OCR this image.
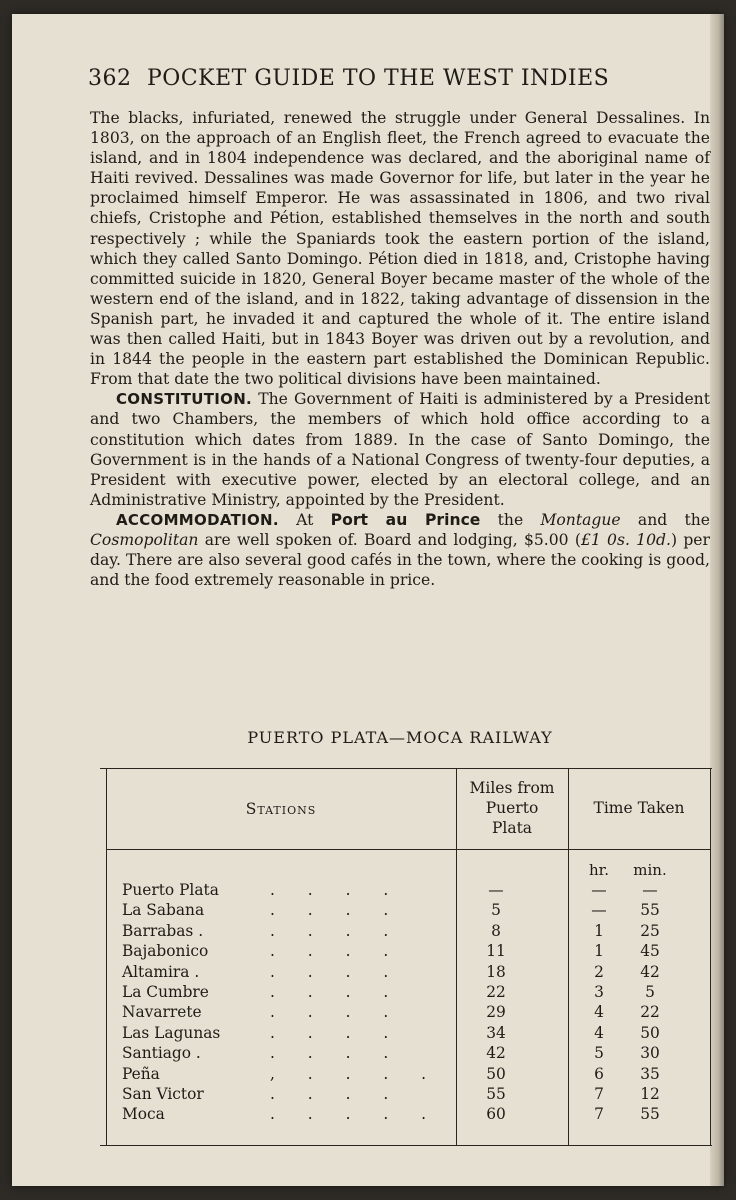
362 POCKET GUIDE TO THE WEST INDIES

The blacks, infuriated, renewed the struggle under General Dessalines. In 1803, on the approach of an English fleet, the French agreed to evacuate the island, and in 1804 independence was declared, and the aboriginal name of Haiti revived. Dessalines was made Governor for life, but later in the year he proclaimed himself Emperor. He was assassinated in 1806, and two rival chiefs, Cristophe and Pétion, established themselves in the north and south respectively ; while the Spaniards took the eastern portion of the island, which they called Santo Domingo. Pétion died in 1818, and, Cristophe having committed suicide in 1820, General Boyer became master of the whole of the western end of the island, and in 1822, taking advantage of dissension in the Spanish part, he invaded it and captured the whole of it. The entire island was then called Haiti, but in 1843 Boyer was driven out by a revolution, and in 1844 the people in the eastern part established the Dominican Republic. From that date the two political divisions have been maintained.

CONSTITUTION. The Government of Haiti is administered by a President and two Chambers, the members of which hold office according to a constitution which dates from 1889. In the case of Santo Domingo, the Government is in the hands of a National Congress of twenty-four deputies, a President with executive power, elected by an electoral college, and an Administrative Ministry, appointed by the President.

ACCOMMODATION. At Port au Prince the Montague and the Cosmopolitan are well spoken of. Board and lodging, $5.00 (£1 0s. 10d.) per day. There are also several good cafés in the town, where the cooking is good, and the food extremely reasonable in price.

PUERTO PLATA—MOCA RAILWAY
Stations
Miles from
Puerto
Plata
Time Taken
hr.	min.
Puerto Plata	. . . .	—	—	—
La Sabana	. . . .	5	—	55
Barrabas .	. . . .	8	1	25
Bajabonico	. . . .	11	1	45
Altamira .	. . . .	18	2	42
La Cumbre	. . . .	22	3	5
Navarrete	. . . .	29	4	22
Las Lagunas	. . . .	34	4	50
Santiago .	. . . .	42	5	30
Peña	, . . . .	50	6	35
San Victor	. . . .	55	7	12
Moca	. . . . .	60	7	55
